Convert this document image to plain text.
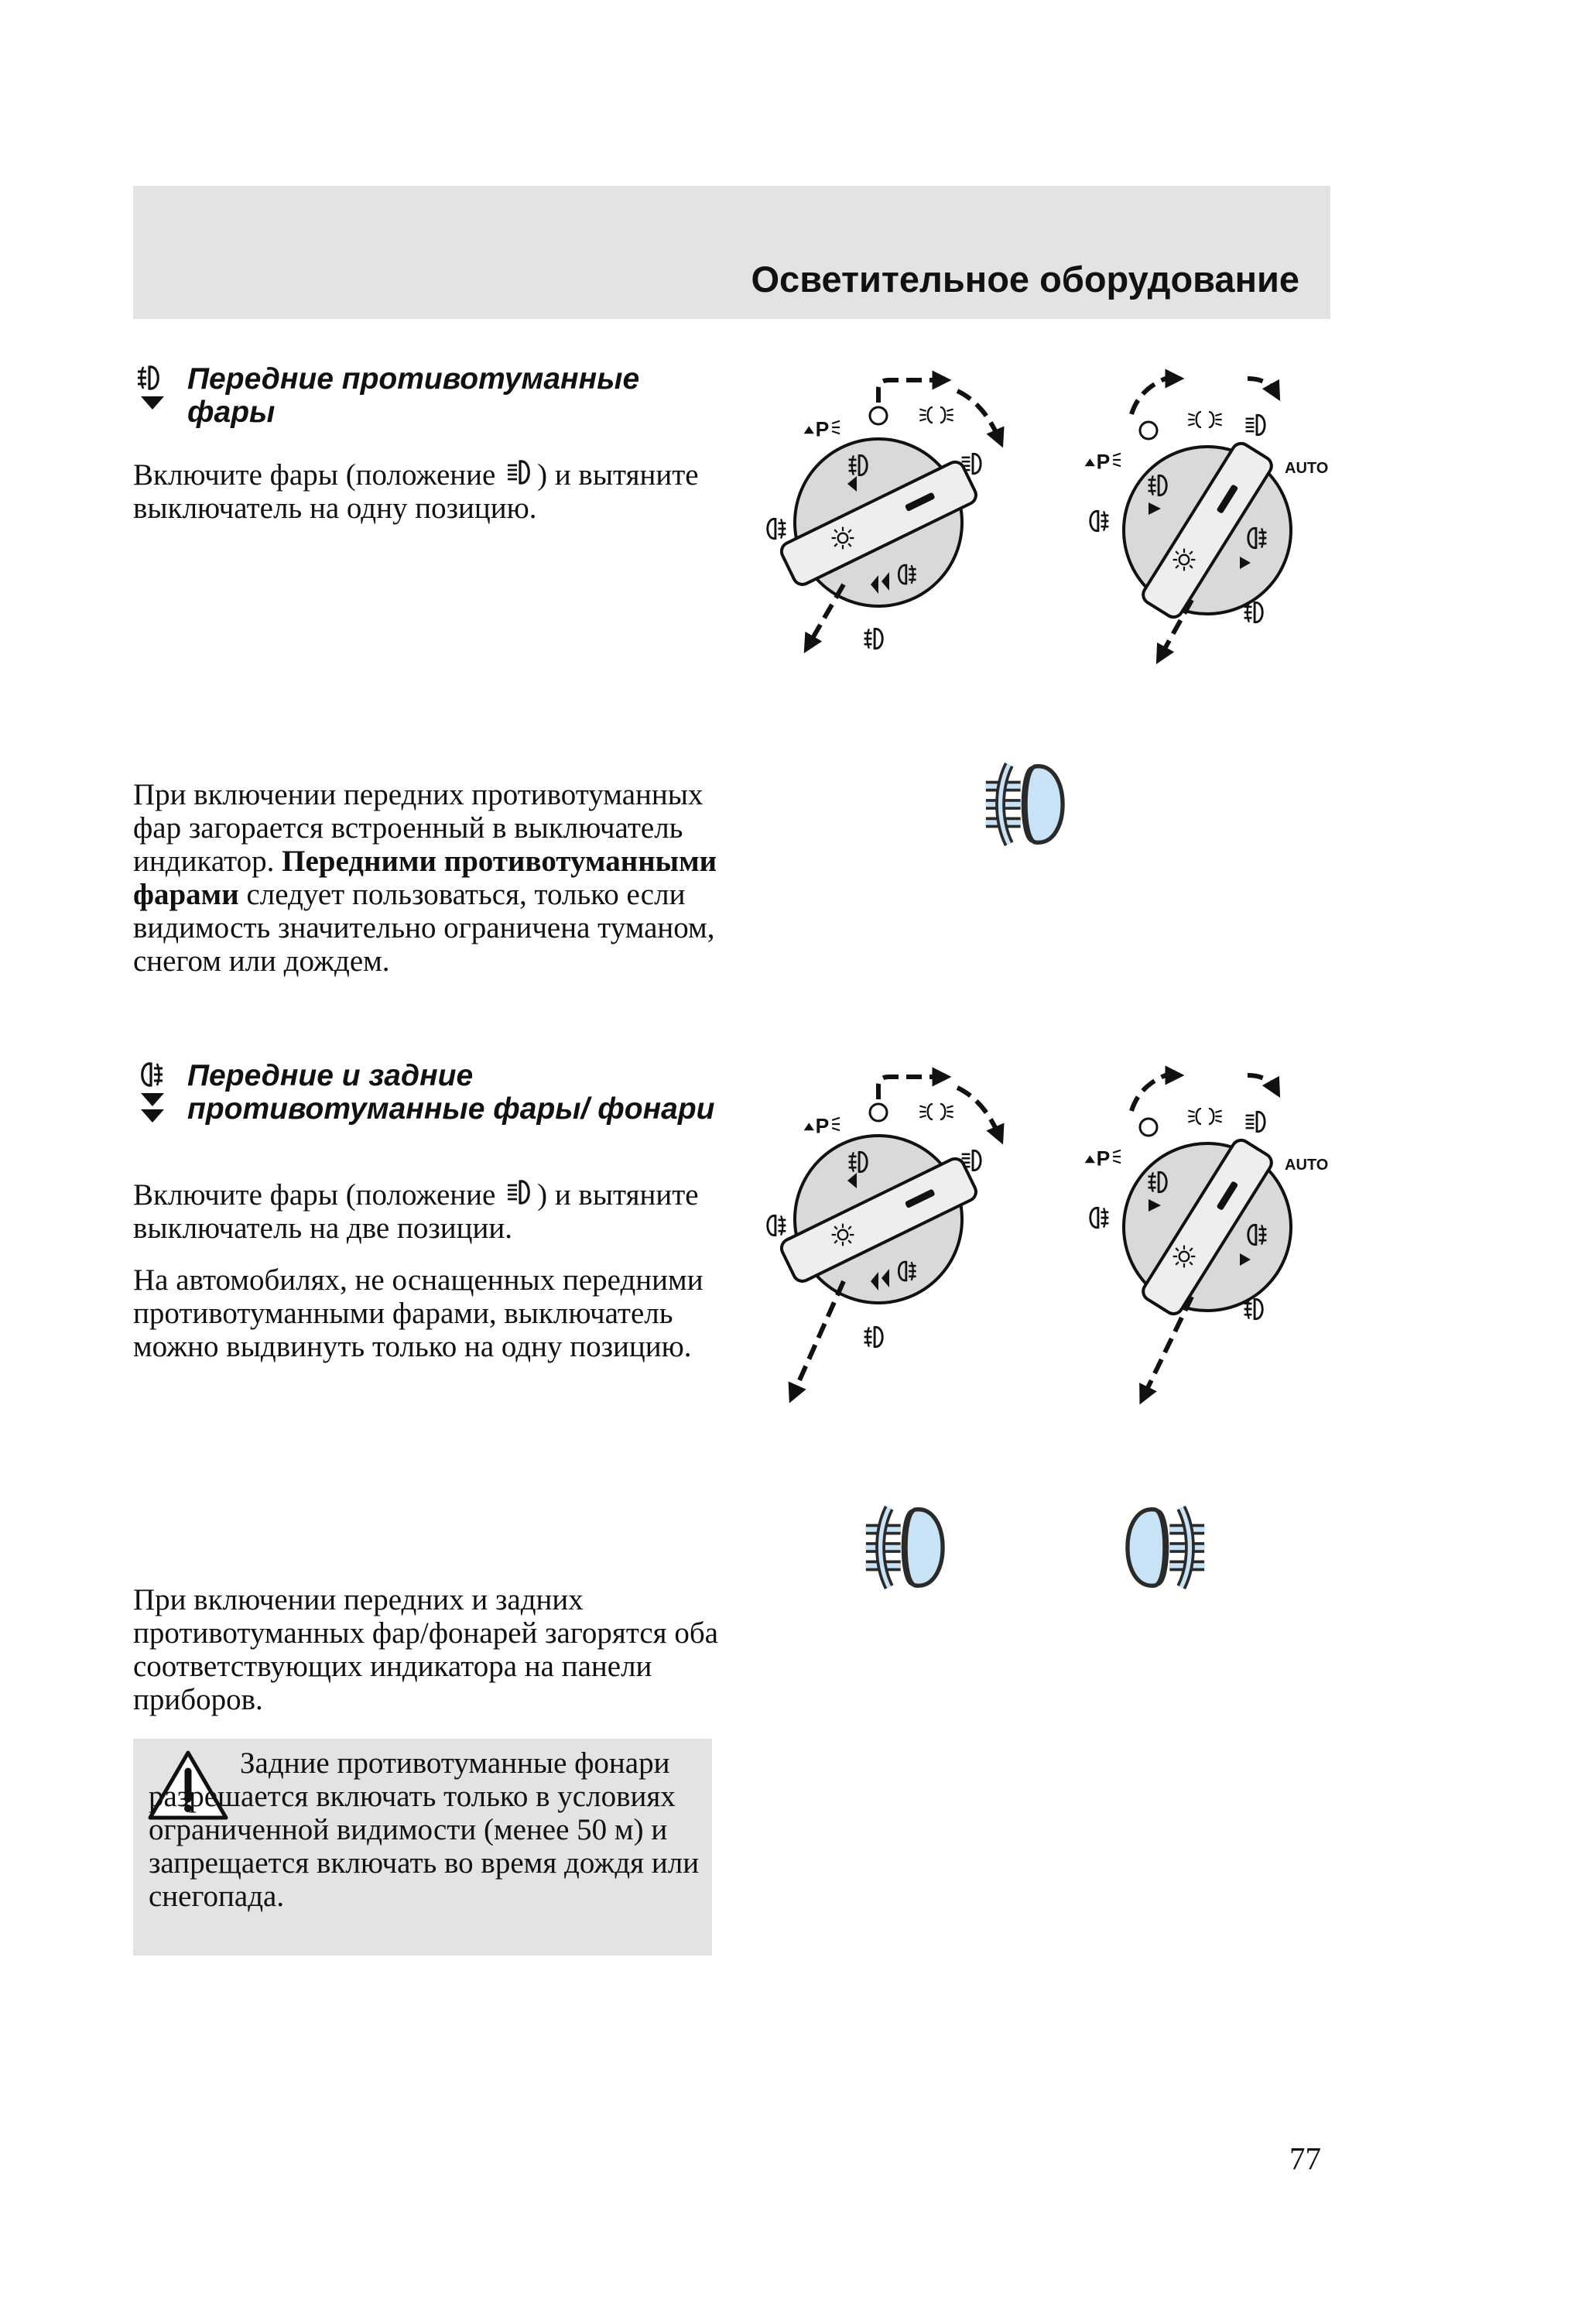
Осветительное оборудование
Передние противотуманные фары

Включите фары (положение ) и вытяните выключатель на одну позицию.

При включении передних противотуманных фар загорается встроенный в выключатель индикатор. Передними противотуманными фарами следует пользоваться, только если видимость значительно ограничена туманом, снегом или дождем.

Передние и задние противотуманные фары/ фонари

Включите фары (положение ) и вытяните выключатель на две позиции.

На автомобилях, не оснащенных передними противотуманными фарами, выключатель можно выдвинуть только на одну позицию.

При включении передних и задних противотуманных фар/фонарей загорятся оба соответствующих индикатора на панели приборов.

Задние противотуманные фонари разрешается включать только в условиях ограниченной видимости (менее 50 м) и запрещается включать во время дождя или снегопада.

AUTO
AUTO

77
